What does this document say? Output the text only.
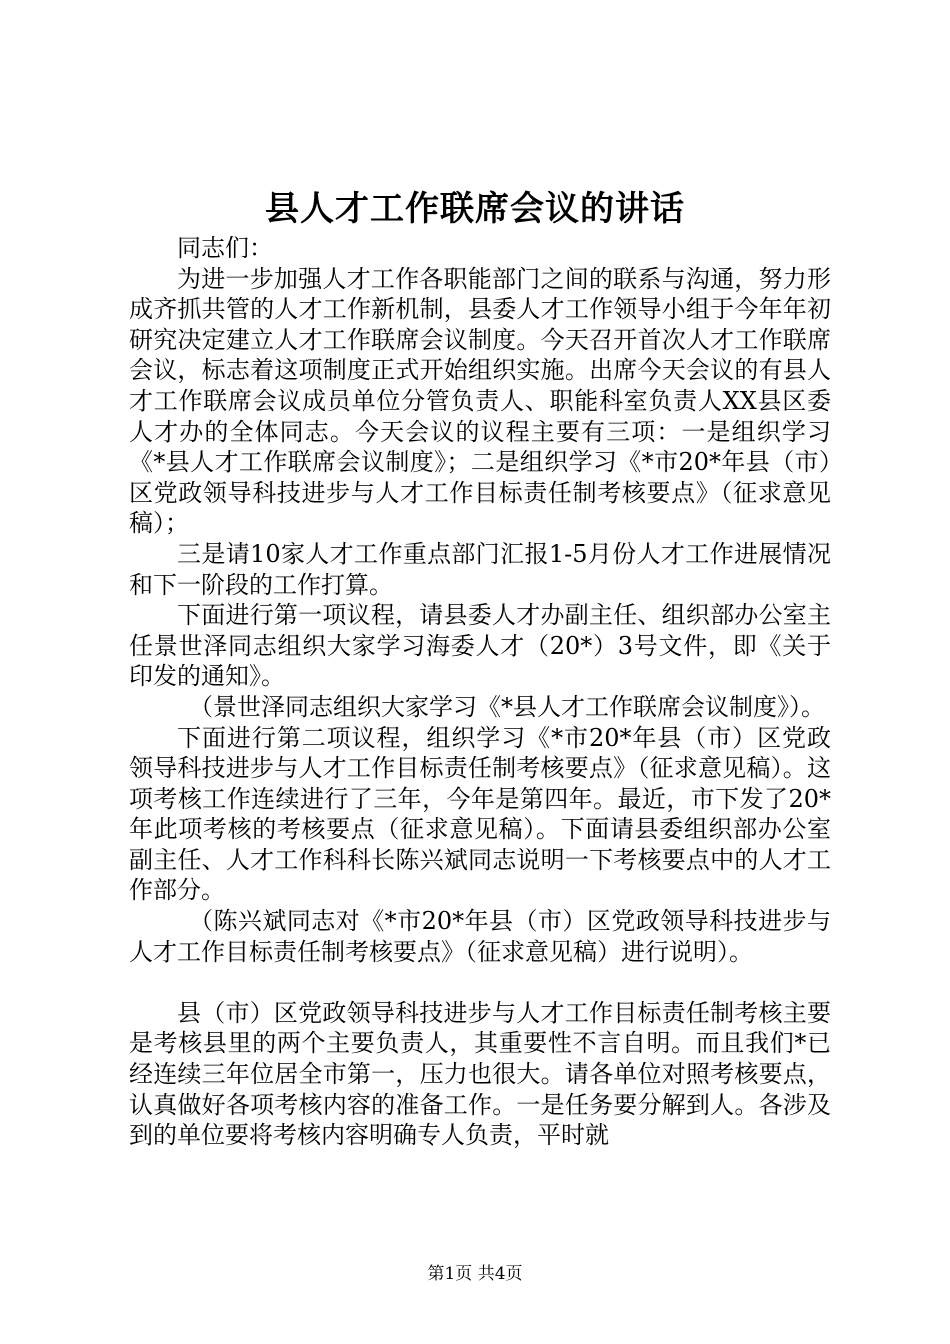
县人才工作联席会议的讲话

同志们：

为进一步加强人才工作各职能部门之间的联系与沟通，努力形成齐抓共管的人才工作新机制，县委人才工作领导小组于今年年初研究决定建立人才工作联席会议制度。今天召开首次人才工作联席会议，标志着这项制度正式开始组织实施。出席今天会议的有县人才工作联席会议成员单位分管负责人、职能科室负责人XX县区委人才办的全体同志。今天会议的议程主要有三项：一是组织学习《*县人才工作联席会议制度》；二是组织学习《*市20*年县（市）区党政领导科技进步与人才工作目标责任制考核要点》（征求意见稿）；

三是请10家人才工作重点部门汇报1-5月份人才工作进展情况和下一阶段的工作打算。

下面进行第一项议程，请县委人才办副主任、组织部办公室主任景世泽同志组织大家学习海委人才（20*）3号文件，即《关于印发的通知》。

（景世泽同志组织大家学习《*县人才工作联席会议制度》）。

下面进行第二项议程，组织学习《*市20*年县（市）区党政领导科技进步与人才工作目标责任制考核要点》（征求意见稿）。这项考核工作连续进行了三年，今年是第四年。最近，市下发了20*年此项考核的考核要点（征求意见稿）。下面请县委组织部办公室副主任、人才工作科科长陈兴斌同志说明一下考核要点中的人才工作部分。

（陈兴斌同志对《*市20*年县（市）区党政领导科技进步与人才工作目标责任制考核要点》（征求意见稿）进行说明）。

县（市）区党政领导科技进步与人才工作目标责任制考核主要是考核县里的两个主要负责人，其重要性不言自明。而且我们*已经连续三年位居全市第一，压力也很大。请各单位对照考核要点，认真做好各项考核内容的准备工作。一是任务要分解到人。各涉及到的单位要将考核内容明确专人负责，平时就

第1页 共4页
